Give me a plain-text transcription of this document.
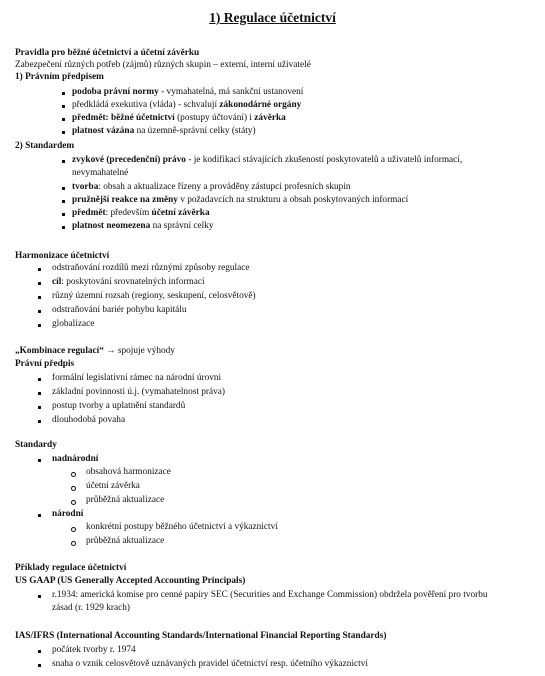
1) Regulace účetnictví
Pravidla pro běžné účetnictví a účetní závěrku
Zabezpečení různých potřeb (zájmů) různých skupin – externí, interní uživatelé
1) Právním předpisem
podoba právní normy - vymahatelná, má sankční ustanovení
předkládá exekutiva (vláda) - schvalují zákonodárné orgány
předmět: běžné účetnictví (postupy účtování) i závěrka
platnost vázána na územně-správní celky (státy)
2) Standardem
zvykové (precedenční) právo - je kodifikací stávajících zkušeností poskytovatelů a uživatelů informací,
nevymahatelné
tvorba: obsah a aktualizace řízeny a prováděny zástupci profesních skupin
pružnější reakce na změny v požadavcích na strukturu a obsah poskytovaných informací
předmět: především účetní závěrka
platnost neomezena na správní celky
Harmonizace účetnictví
odstraňování rozdílů mezi různými způsoby regulace
cíl: poskytování srovnatelných informací
různý územní rozsah (regiony, seskupení, celosvětově)
odstraňování bariér pohybu kapitálu
globalizace
„Kombinace regulací“ → spojuje výhody
Právní předpis
formální legislativní rámec na národní úrovni
základní povinnosti ú.j. (vymahatelnost práva)
postup tvorby a uplatnění standardů
dlouhodobá povaha
Standardy
nadnárodní
obsahová harmonizace
účetní závěrka
průběžná aktualizace
národní
konkrétní postupy běžného účetnictví a výkaznictví
průběžná aktualizace
Příklady regulace účetnictví
US GAAP (US Generally Accepted Accounting Principals)
r.1934: americká komise pro cenné papíry SEC (Securities and Exchange Commission) obdržela pověření pro tvorbu
zásad (r. 1929 krach)
IAS/IFRS (International Accounting Standards/International Financial Reporting Standards)
počátek tvorby r. 1974
snaha o vznik celosvětově uznávaných pravidel účetnictví resp. účetního výkaznictví
